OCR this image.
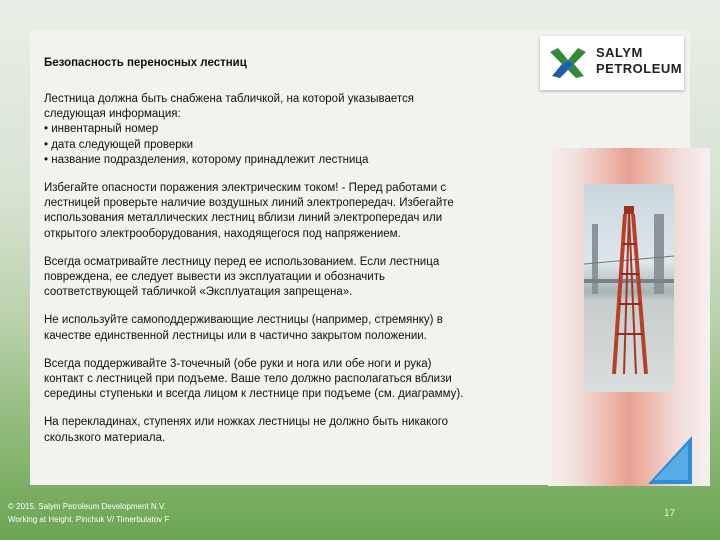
SALYM
PETROLEUM
Безопасность переносных лестниц

Лестница должна быть снабжена табличкой, на которой указывается
следующая информация:
• инвентарный номер
• дата следующей проверки
• название подразделения, которому принадлежит лестница

Избегайте опасности поражения электрическим током! - Перед работами с
лестницей проверьте наличие воздушных линий электропередач. Избегайте
использования металлических лестниц вблизи линий электропередач или
открытого электрооборудования, находящегося под напряжением.

Всегда осматривайте лестницу перед ее использованием. Если лестница
повреждена, ее следует вывести из эксплуатации и обозначить
соответствующей табличкой «Эксплуатация запрещена».

Не используйте самоподдерживающие лестницы (например, стремянку) в
качестве единственной лестницы или в частично закрытом положении.

Всегда поддерживайте 3-точечный (обе руки и нога или обе ноги и рука)
контакт с лестницей при подъеме. Ваше тело должно располагаться вблизи
середины ступеньки и всегда лицом к лестнице при подъеме (см. диаграмму).

На перекладинах, ступенях или ножках лестницы не должно быть никакого
скользкого материала.

© 2015. Salym Petroleum Development N.V.
Working at Height. Pinchuk V/ Timerbulatov F
17
